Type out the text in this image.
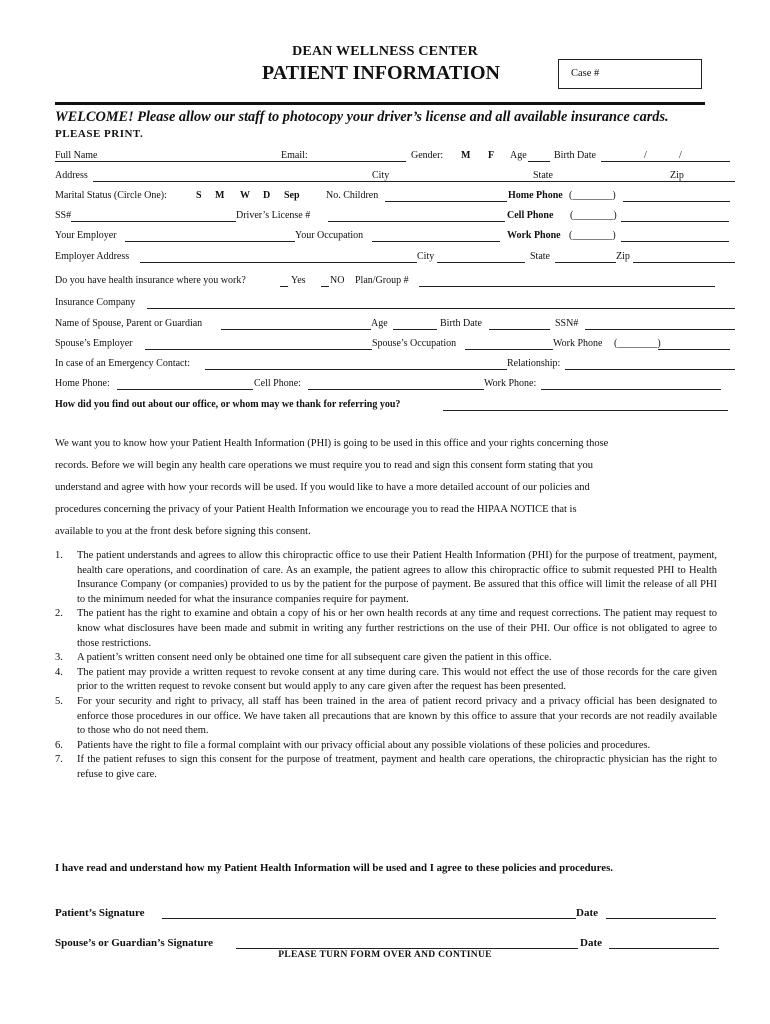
DEAN WELLNESS CENTER
PATIENT INFORMATION	Case #
WELCOME! Please allow our staff to photocopy your driver’s license and all available insurance cards.
PLEASE PRINT.
Full Name	Email:	Gender: M F Age	Birth Date	/	/
Address	City	State	Zip
Marital Status (Circle One):	S M W D Sep	No. Children	Home Phone (________)
SS#	Driver’s License #	Cell Phone (________)
Your Employer	Your Occupation	Work Phone (________)
Employer Address	City	State	Zip
Do you have health insurance where you work?	Yes NO Plan/Group #
Insurance Company
Name of Spouse, Parent or Guardian	Age	Birth Date	SSN#
Spouse’s Employer	Spouse’s Occupation	Work Phone (________)
In case of an Emergency Contact:	Relationship:
Home Phone:	Cell Phone:	Work Phone:
How did you find out about our office, or whom may we thank for referring you?
We want you to know how your Patient Health Information (PHI) is going to be used in this office and your rights concerning those
records. Before we will begin any health care operations we must require you to read and sign this consent form stating that you
understand and agree with how your records will be used. If you would like to have a more detailed account of our policies and
procedures concerning the privacy of your Patient Health Information we encourage you to read the HIPAA NOTICE that is
available to you at the front desk before signing this consent.
1. The patient understands and agrees to allow this chiropractic office to use their Patient Health Information (PHI) for the purpose of treatment, payment, health care operations, and coordination of care. As an example, the patient agrees to allow this chiropractic office to submit requested PHI to Health Insurance Company (or companies) provided to us by the patient for the purpose of payment. Be assured that this office will limit the release of all PHI to the minimum needed for what the insurance companies require for payment.
2. The patient has the right to examine and obtain a copy of his or her own health records at any time and request corrections. The patient may request to know what disclosures have been made and submit in writing any further restrictions on the use of their PHI. Our office is not obligated to agree to those restrictions.
3. A patient’s written consent need only be obtained one time for all subsequent care given the patient in this office.
4. The patient may provide a written request to revoke consent at any time during care. This would not effect the use of those records for the care given prior to the written request to revoke consent but would apply to any care given after the request has been presented.
5. For your security and right to privacy, all staff has been trained in the area of patient record privacy and a privacy official has been designated to enforce those procedures in our office. We have taken all precautions that are known by this office to assure that your records are not readily available to those who do not need them.
6. Patients have the right to file a formal complaint with our privacy official about any possible violations of these policies and procedures.
7. If the patient refuses to sign this consent for the purpose of treatment, payment and health care operations, the chiropractic physician has the right to refuse to give care.
I have read and understand how my Patient Health Information will be used and I agree to these policies and procedures.
Patient’s Signature	Date
Spouse’s or Guardian’s Signature	Date
PLEASE TURN FORM OVER AND CONTINUE
